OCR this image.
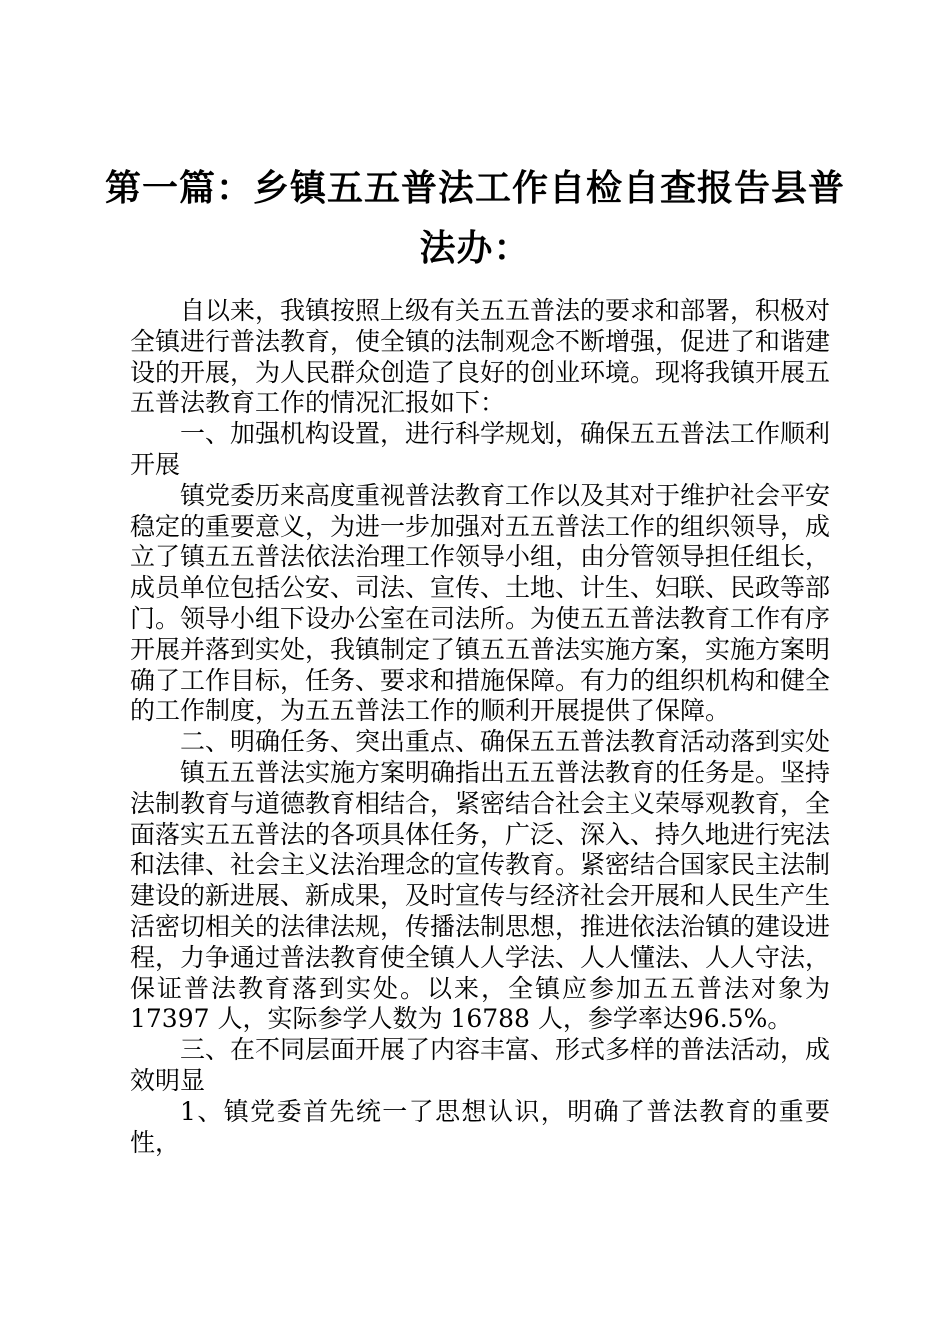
第一篇：乡镇五五普法工作自检自查报告县普法办：

自以来，我镇按照上级有关五五普法的要求和部署，积极对全镇进行普法教育，使全镇的法制观念不断增强，促进了和谐建设的开展，为人民群众创造了良好的创业环境。现将我镇开展五五普法教育工作的情况汇报如下：

一、加强机构设置，进行科学规划，确保五五普法工作顺利开展

镇党委历来高度重视普法教育工作以及其对于维护社会平安稳定的重要意义，为进一步加强对五五普法工作的组织领导，成立了镇五五普法依法治理工作领导小组，由分管领导担任组长，成员单位包括公安、司法、宣传、土地、计生、妇联、民政等部门。领导小组下设办公室在司法所。为使五五普法教育工作有序开展并落到实处，我镇制定了镇五五普法实施方案，实施方案明确了工作目标，任务、要求和措施保障。有力的组织机构和健全的工作制度，为五五普法工作的顺利开展提供了保障。

二、明确任务、突出重点、确保五五普法教育活动落到实处

镇五五普法实施方案明确指出五五普法教育的任务是。坚持法制教育与道德教育相结合，紧密结合社会主义荣辱观教育，全面落实五五普法的各项具体任务，广泛、深入、持久地进行宪法和法律、社会主义法治理念的宣传教育。紧密结合国家民主法制建设的新进展、新成果，及时宣传与经济社会开展和人民生产生活密切相关的法律法规，传播法制思想，推进依法治镇的建设进程，力争通过普法教育使全镇人人学法、人人懂法、人人守法，保证普法教育落到实处。以来，全镇应参加五五普法对象为 17397 人，实际参学人数为 16788 人，参学率达96.5%。

三、在不同层面开展了内容丰富、形式多样的普法活动，成效明显

1、镇党委首先统一了思想认识，明确了普法教育的重要性，
